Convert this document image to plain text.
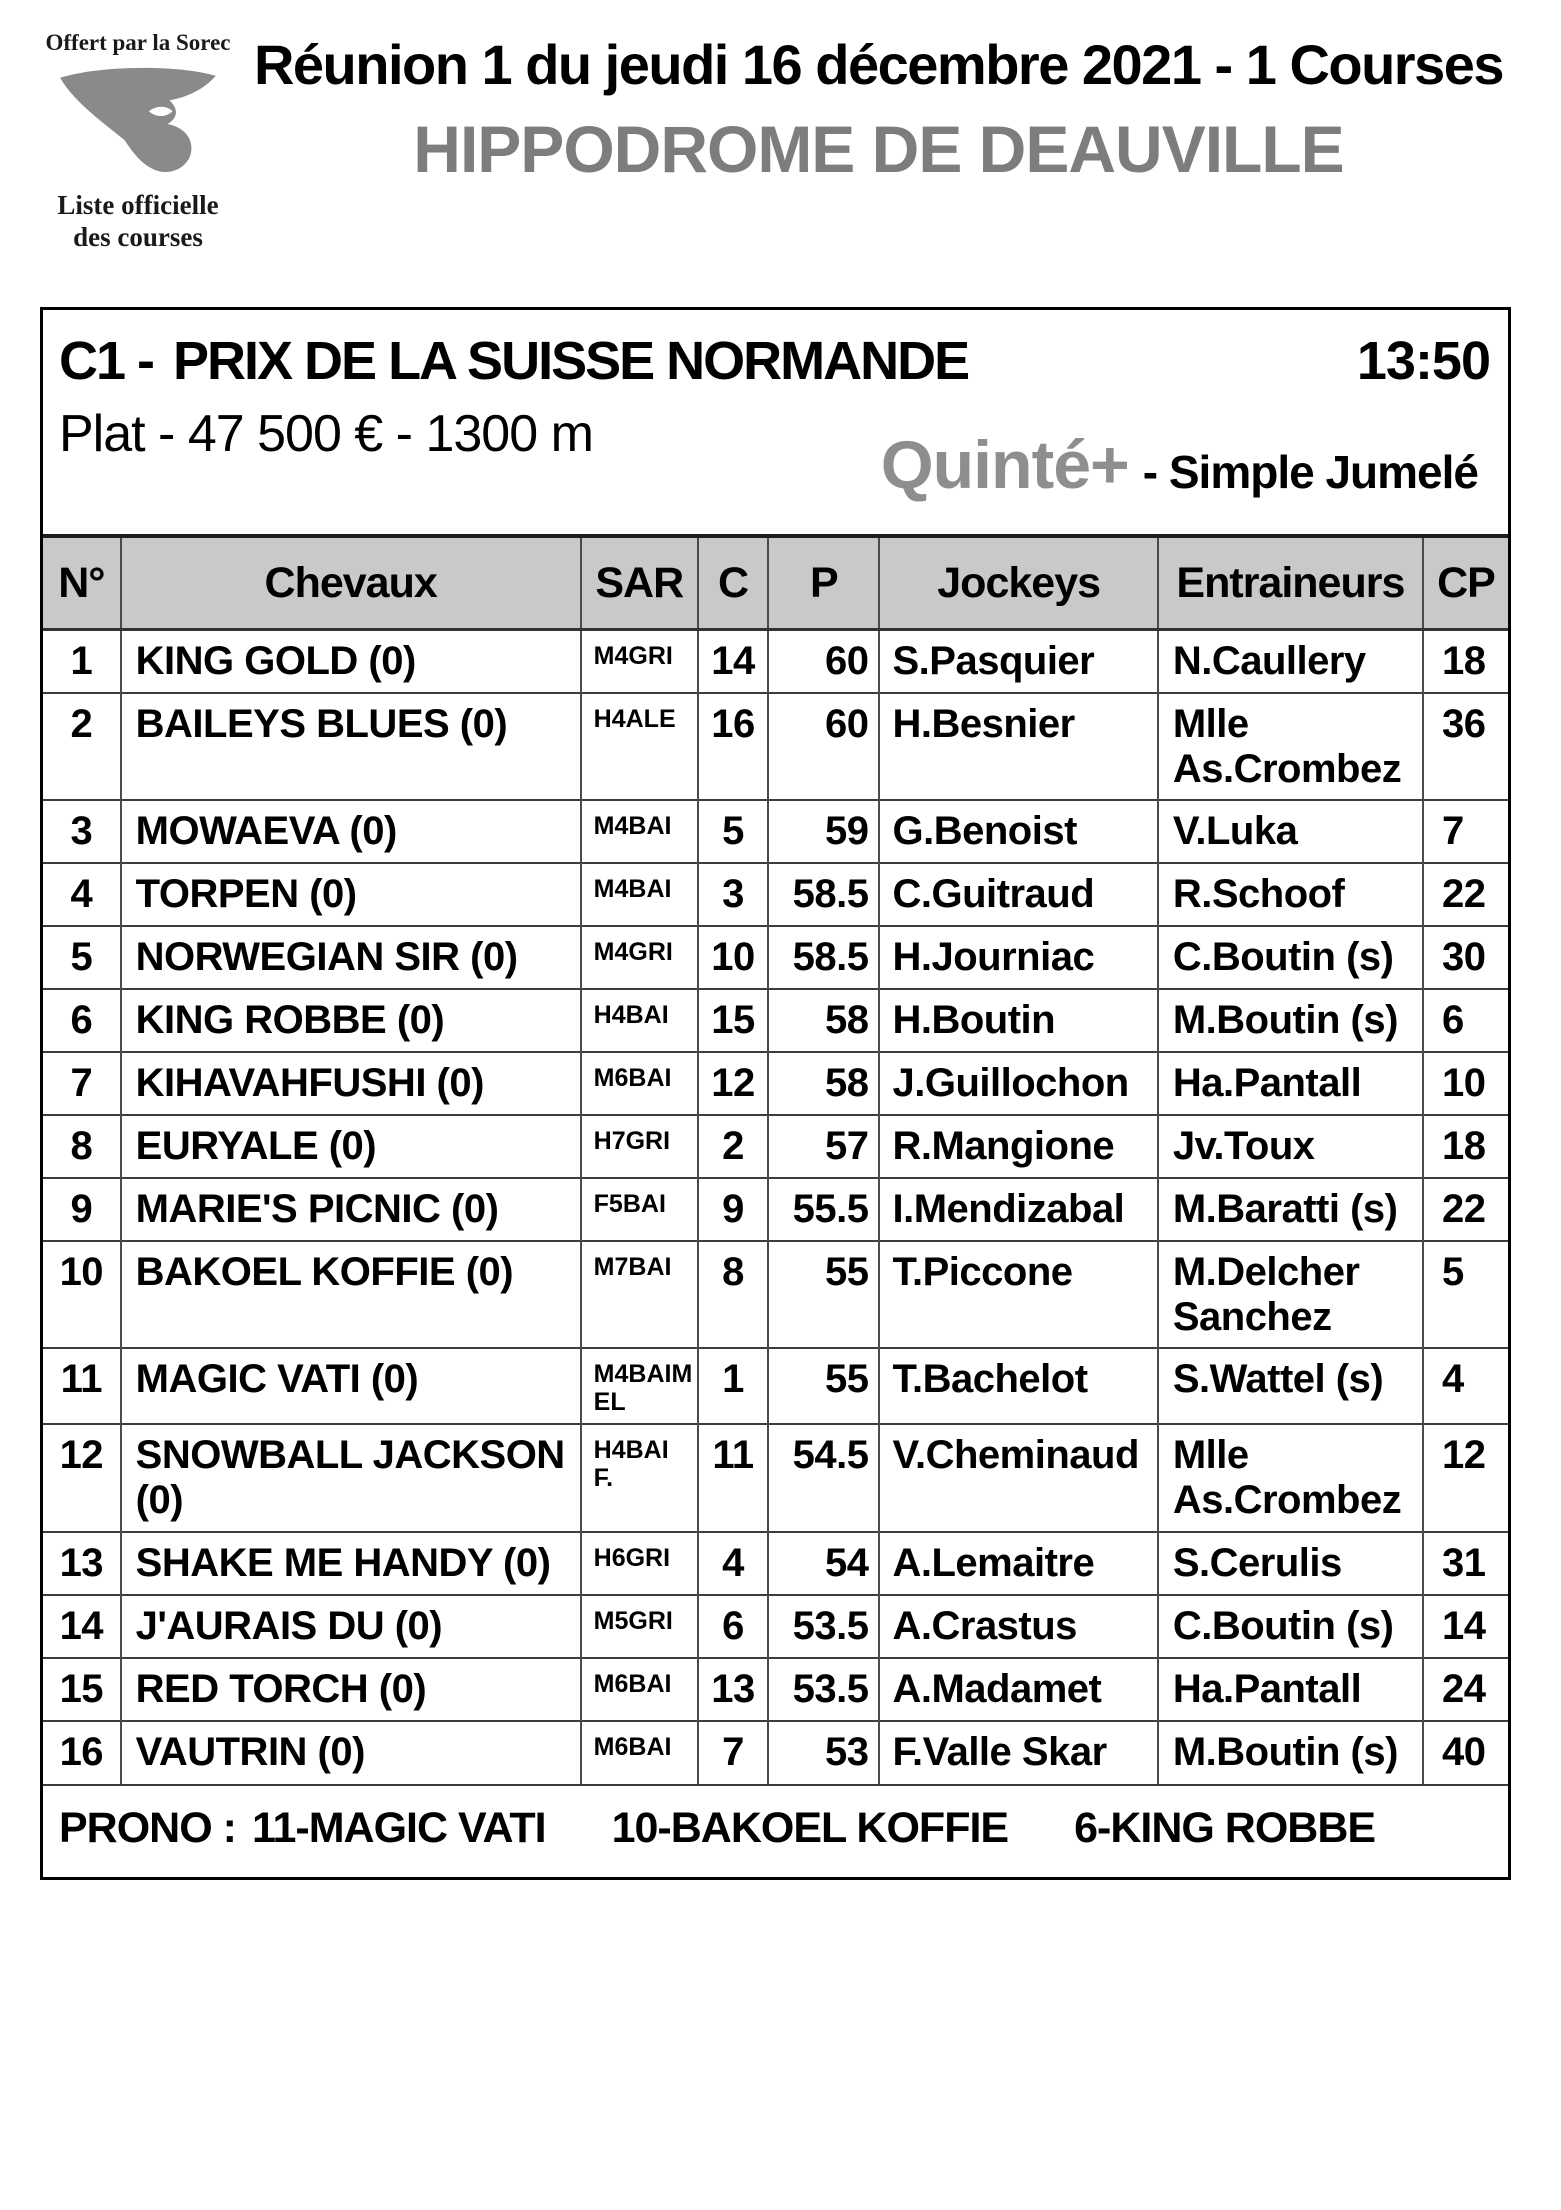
Offert par la Sorec
Liste officielle
des courses
Réunion 1 du jeudi 16 décembre 2021 - 1 Courses
HIPPODROME DE DEAUVILLE
C1 - PRIX DE LA SUISSE NORMANDE	13:50
Plat - 47 500 € - 1300 m	Quinté+ - Simple Jumelé
N°	Chevaux	SAR	C	P	Jockeys	Entraineurs	CP
1	KING GOLD (0)	M4GRI	14	60	S.Pasquier	N.Caullery	18
2	BAILEYS BLUES (0)	H4ALE	16	60	H.Besnier	Mlle As.Crombez	36
3	MOWAEVA (0)	M4BAI	5	59	G.Benoist	V.Luka	7
4	TORPEN (0)	M4BAI	3	58.5	C.Guitraud	R.Schoof	22
5	NORWEGIAN SIR (0)	M4GRI	10	58.5	H.Journiac	C.Boutin (s)	30
6	KING ROBBE (0)	H4BAI	15	58	H.Boutin	M.Boutin (s)	6
7	KIHAVAHFUSHI (0)	M6BAI	12	58	J.Guillochon	Ha.Pantall	10
8	EURYALE (0)	H7GRI	2	57	R.Mangione	Jv.Toux	18
9	MARIE'S PICNIC (0)	F5BAI	9	55.5	I.Mendizabal	M.Baratti (s)	22
10	BAKOEL KOFFIE (0)	M7BAI	8	55	T.Piccone	M.Delcher Sanchez	5
11	MAGIC VATI (0)	M4BAIM EL	1	55	T.Bachelot	S.Wattel (s)	4
12	SNOWBALL JACKSON (0)	H4BAI F.	11	54.5	V.Cheminaud	Mlle As.Crombez	12
13	SHAKE ME HANDY (0)	H6GRI	4	54	A.Lemaitre	S.Cerulis	31
14	J'AURAIS DU (0)	M5GRI	6	53.5	A.Crastus	C.Boutin (s)	14
15	RED TORCH (0)	M6BAI	13	53.5	A.Madamet	Ha.Pantall	24
16	VAUTRIN (0)	M6BAI	7	53	F.Valle Skar	M.Boutin (s)	40
PRONO : 11-MAGIC VATI 10-BAKOEL KOFFIE 6-KING ROBBE
